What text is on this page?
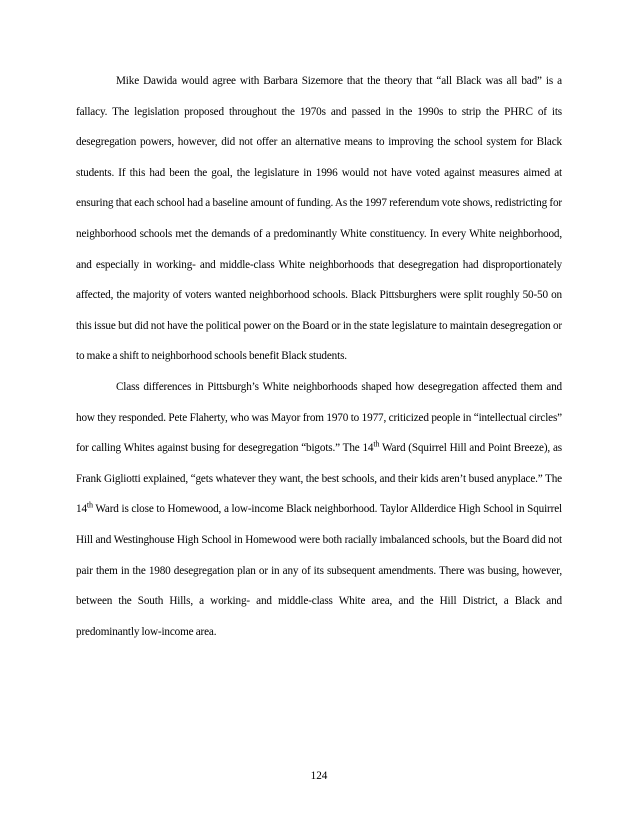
Mike Dawida would agree with Barbara Sizemore that the theory that “all Black was all bad” is a fallacy. The legislation proposed throughout the 1970s and passed in the 1990s to strip the PHRC of its desegregation powers, however, did not offer an alternative means to improving the school system for Black students. If this had been the goal, the legislature in 1996 would not have voted against measures aimed at ensuring that each school had a baseline amount of funding. As the 1997 referendum vote shows, redistricting for neighborhood schools met the demands of a predominantly White constituency. In every White neighborhood, and especially in working- and middle-class White neighborhoods that desegregation had disproportionately affected, the majority of voters wanted neighborhood schools. Black Pittsburghers were split roughly 50-50 on this issue but did not have the political power on the Board or in the state legislature to maintain desegregation or to make a shift to neighborhood schools benefit Black students.

Class differences in Pittsburgh’s White neighborhoods shaped how desegregation affected them and how they responded. Pete Flaherty, who was Mayor from 1970 to 1977, criticized people in “intellectual circles” for calling Whites against busing for desegregation “bigots.” The 14th Ward (Squirrel Hill and Point Breeze), as Frank Gigliotti explained, “gets whatever they want, the best schools, and their kids aren’t bused anyplace.” The 14th Ward is close to Homewood, a low-income Black neighborhood. Taylor Allderdice High School in Squirrel Hill and Westinghouse High School in Homewood were both racially imbalanced schools, but the Board did not pair them in the 1980 desegregation plan or in any of its subsequent amendments. There was busing, however, between the South Hills, a working- and middle-class White area, and the Hill District, a Black and predominantly low-income area.

124
